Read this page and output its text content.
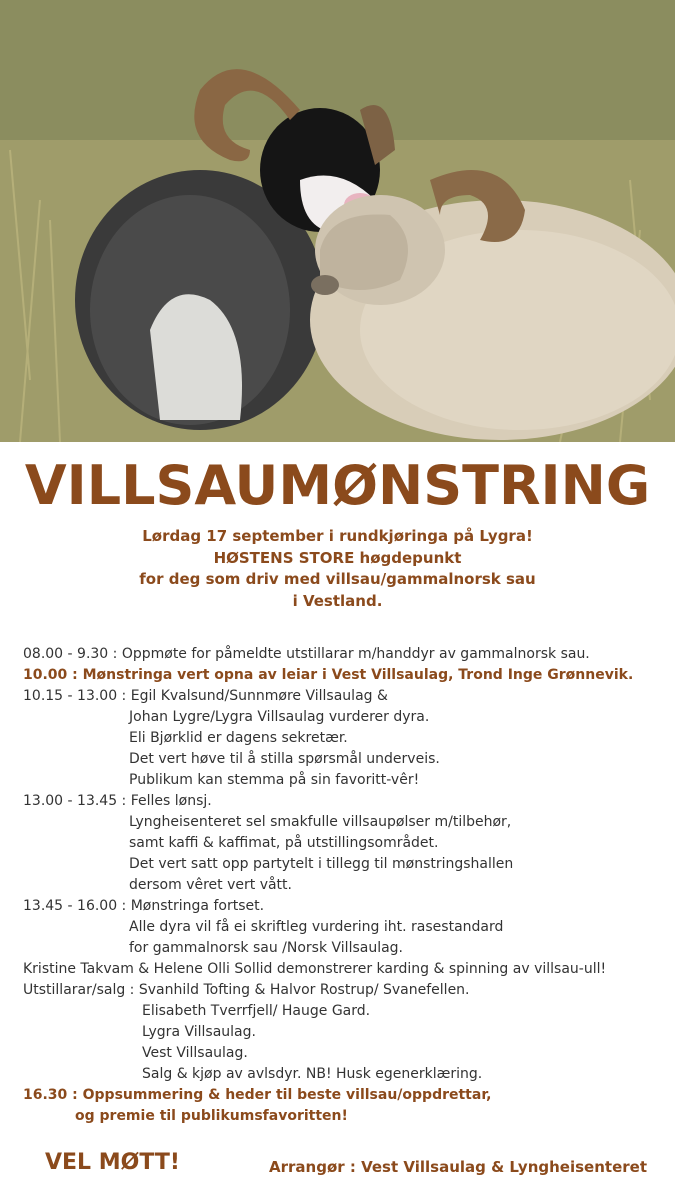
VILLSAUMØNSTRING
Lørdag 17 september i rundkjøringa på Lygra!
HØSTENS STORE høgdepunkt
for deg som driv med villsau/gammalnorsk sau
i Vestland.
08.00 - 9.30 : Oppmøte for påmeldte utstillarar m/handdyr av gammalnorsk sau.
10.00 : Mønstringa vert opna av leiar i Vest Villsaulag, Trond Inge Grønnevik.
10.15 - 13.00 : Egil Kvalsund/Sunnmøre Villsaulag &
Johan Lygre/Lygra Villsaulag vurderer dyra.
Eli Bjørklid er dagens sekretær.
Det vert høve til å stilla spørsmål underveis.
Publikum kan stemma på sin favoritt-vêr!
13.00 - 13.45 : Felles lønsj.
Lyngheisenteret sel smakfulle villsaupølser m/tilbehør,
samt kaffi & kaffimat, på utstillingsområdet.
Det vert satt opp partytelt i tillegg til mønstringshallen
dersom vêret vert vått.
13.45 - 16.00 : Mønstringa fortset.
Alle dyra vil få ei skriftleg vurdering iht. rasestandard
for gammalnorsk sau /Norsk Villsaulag.
Kristine Takvam & Helene Olli Sollid demonstrerer karding & spinning av villsau-ull!
Utstillarar/salg : Svanhild Tofting & Halvor Rostrup/ Svanefellen.
Elisabeth Tverrfjell/ Hauge Gard.
Lygra Villsaulag.
Vest Villsaulag.
Salg & kjøp av avlsdyr. NB! Husk egenerklæring.
16.30 : Oppsummering & heder til beste villsau/oppdrettar,
og premie til publikumsfavoritten!
VEL MØTT!	Arrangør : Vest Villsaulag & Lyngheisenteret
